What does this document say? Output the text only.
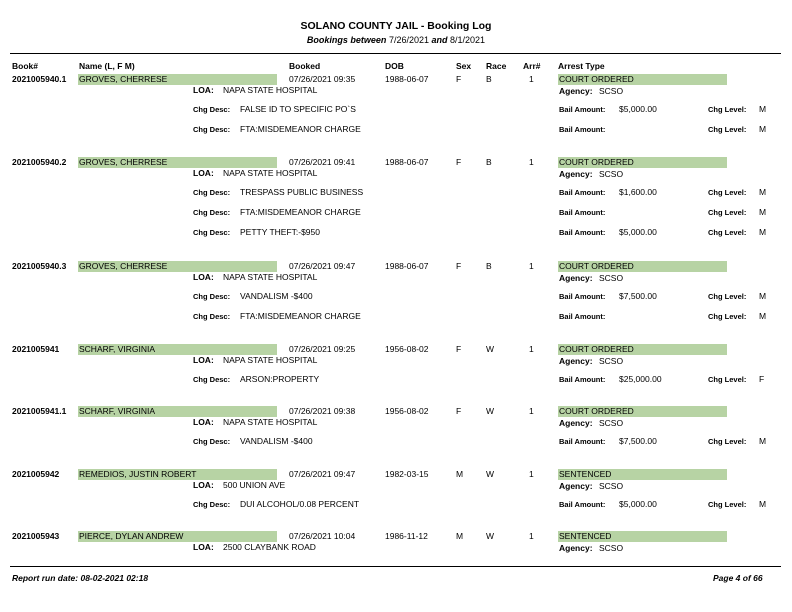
SOLANO COUNTY JAIL - Booking Log
Bookings between 7/26/2021 and 8/1/2021
Book#	Name (L, F M)	Booked	DOB	Sex Race Arr# Arrest Type
2021005940.1 GROVES, CHERRESE	07/26/2021 09:35	1988-06-07	F	B	1	COURT ORDERED
LOA: NAPA STATE HOSPITAL	Agency: SCSO
Chg Desc: FALSE ID TO SPECIFIC PO`S	Bail Amount: $5,000.00	Chg Level: M
Chg Desc: FTA:MISDEMEANOR CHARGE	Bail Amount:	Chg Level: M
2021005940.2 GROVES, CHERRESE	07/26/2021 09:41	1988-06-07	F	B	1	COURT ORDERED
LOA: NAPA STATE HOSPITAL	Agency: SCSO
Chg Desc: TRESPASS PUBLIC BUSINESS	Bail Amount: $1,600.00	Chg Level: M
Chg Desc: FTA:MISDEMEANOR CHARGE	Bail Amount:	Chg Level: M
Chg Desc: PETTY THEFT:-$950	Bail Amount: $5,000.00	Chg Level: M
2021005940.3 GROVES, CHERRESE	07/26/2021 09:47	1988-06-07	F	B	1	COURT ORDERED
LOA: NAPA STATE HOSPITAL	Agency: SCSO
Chg Desc: VANDALISM -$400	Bail Amount: $7,500.00	Chg Level: M
Chg Desc: FTA:MISDEMEANOR CHARGE	Bail Amount:	Chg Level: M
2021005941 SCHARF, VIRGINIA	07/26/2021 09:25	1956-08-02	F	W	1	COURT ORDERED
LOA: NAPA STATE HOSPITAL	Agency: SCSO
Chg Desc: ARSON:PROPERTY	Bail Amount: $25,000.00	Chg Level: F
2021005941.1 SCHARF, VIRGINIA	07/26/2021 09:38	1956-08-02	F	W	1	COURT ORDERED
LOA: NAPA STATE HOSPITAL	Agency: SCSO
Chg Desc: VANDALISM -$400	Bail Amount: $7,500.00	Chg Level: M
2021005942 REMEDIOS, JUSTIN ROBERT	07/26/2021 09:47	1982-03-15	M	W	1	SENTENCED
LOA: 500 UNION AVE	Agency: SCSO
Chg Desc: DUI ALCOHOL/0.08 PERCENT	Bail Amount: $5,000.00	Chg Level: M
2021005943 PIERCE, DYLAN ANDREW	07/26/2021 10:04	1986-11-12	M	W	1	SENTENCED
LOA: 2500 CLAYBANK ROAD	Agency: SCSO
Report run date: 08-02-2021 02:18	Page 4 of 66
